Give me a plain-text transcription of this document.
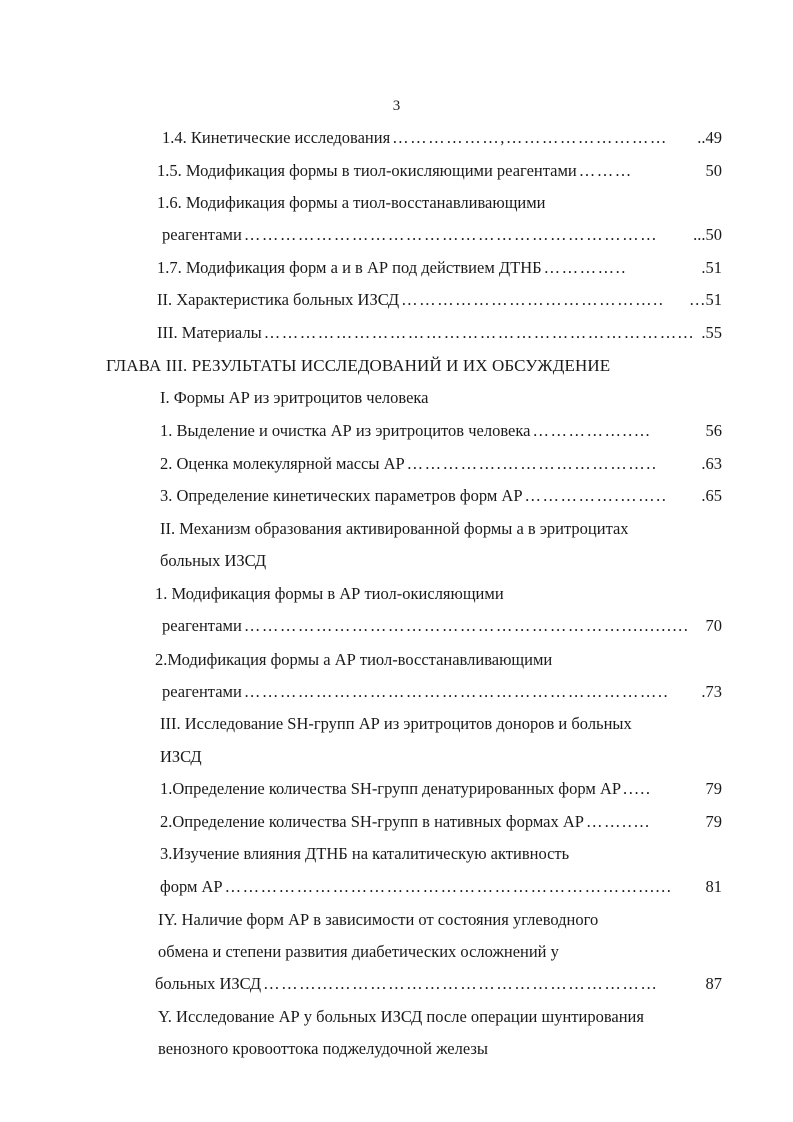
3
1.4. Кинетические исследования	..49
………………,………………………
1.5. Модификация формы в тиол-окисляющими реагентами	50
………
1.6. Модификация формы а тиол-восстанавливающими
реагентами	...50
……………………………………………………………
1.7. Модификация форм а и в АР под действием ДТНБ	.51
…………..
II. Характеристика больных ИЗСД	…51
……………………………………..
III. Материалы	.55
……………………………………………………………...
ГЛАВА III. РЕЗУЛЬТАТЫ ИССЛЕДОВАНИЙ И ИХ ОБСУЖДЕНИЕ
I. Формы АР из эритроцитов человека
1. Выделение и очистка АР из эритроцитов человека	56
……………..…
2. Оценка молекулярной массы АР	.63
…………….……………………..
3. Определение кинетических параметров форм АР	.65
…………….……..
II. Механизм образования активированной формы а в эритроцитах
больных ИЗСД
1. Модификация формы в АР тиол-окисляющими
реагентами	70
………………………………………………………............
2.Модификация формы а АР тиол-восстанавливающими
реагентами	.73
……………………………………………………………..
III. Исследование SH-групп АР из эритроцитов доноров и больных
ИЗСД
1.Определение количества SH-групп денатурированных форм АР	79
.....
2.Определение количества SH-групп в нативных формах АР	79
……..…
3.Изучение влияния ДТНБ на каталитическую активность
форм АР	81
……………………………………………………………......
IY. Наличие форм АР в зависимости от состояния углеводного
обмена и степени развития диабетических осложнений у
больных ИЗСД	87
………...………………………………………………
Y. Исследование АР у больных ИЗСД после операции шунтирования
венозного кровооттока поджелудочной железы
